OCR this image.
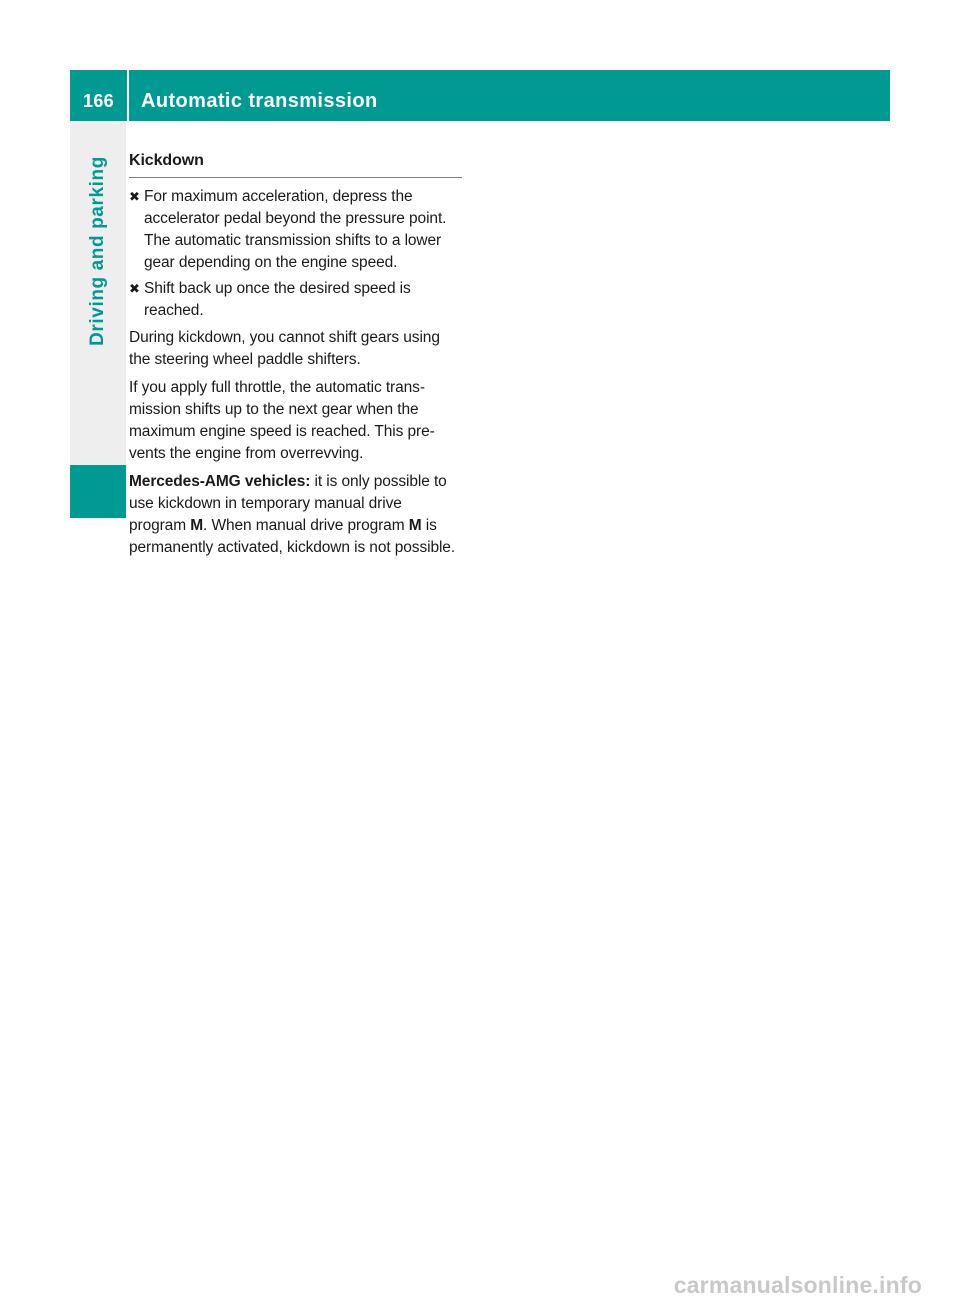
166	Automatic transmission
Driving and parking Kickdown
✖ For maximum acceleration, depress the accelerator pedal beyond the pressure point.
The automatic transmission shifts to a lower gear depending on the engine speed.
✖ Shift back up once the desired speed is reached.
During kickdown, you cannot shift gears using the steering wheel paddle shifters.
If you apply full throttle, the automatic transmission shifts up to the next gear when the maximum engine speed is reached. This prevents the engine from overrevving.
Mercedes-AMG vehicles: it is only possible to use kickdown in temporary manual drive program M. When manual drive program M is permanently activated, kickdown is not possible.
carmanualsonline.info
